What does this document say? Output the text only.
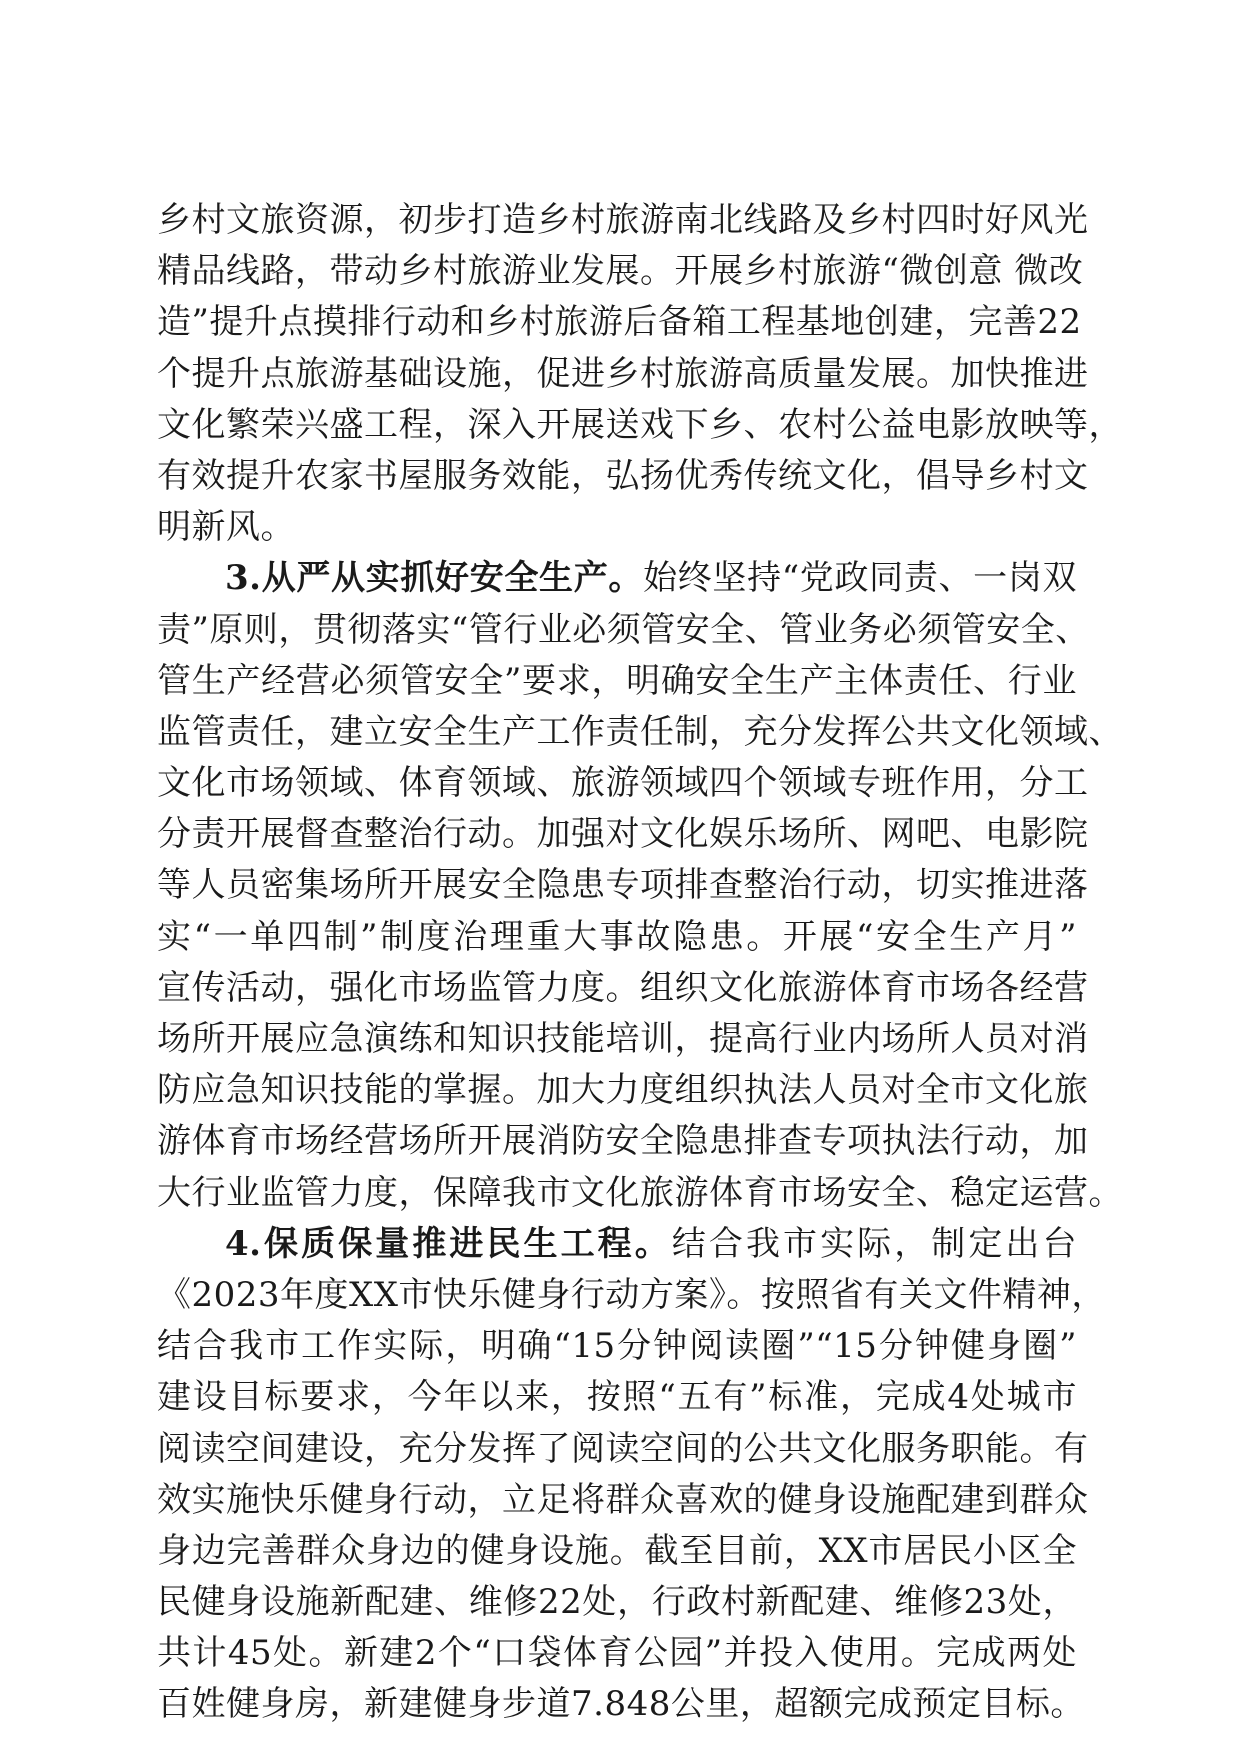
乡村文旅资源，初步打造乡村旅游南北线路及乡村四时好风光
精品线路，带动乡村旅游业发展。开展乡村旅游“微创意 微改
造”提升点摸排行动和乡村旅游后备箱工程基地创建，完善22
个提升点旅游基础设施，促进乡村旅游高质量发展。加快推进
文化繁荣兴盛工程，深入开展送戏下乡、农村公益电影放映等，
有效提升农家书屋服务效能，弘扬优秀传统文化，倡导乡村文
明新风。
3.从严从实抓好安全生产。始终坚持“党政同责、一岗双
责”原则，贯彻落实“管行业必须管安全、管业务必须管安全、
管生产经营必须管安全”要求，明确安全生产主体责任、行业
监管责任，建立安全生产工作责任制，充分发挥公共文化领域、
文化市场领域、体育领域、旅游领域四个领域专班作用，分工
分责开展督查整治行动。加强对文化娱乐场所、网吧、电影院
等人员密集场所开展安全隐患专项排查整治行动，切实推进落
实“一单四制”制度治理重大事故隐患。开展“安全生产月”
宣传活动，强化市场监管力度。组织文化旅游体育市场各经营
场所开展应急演练和知识技能培训，提高行业内场所人员对消
防应急知识技能的掌握。加大力度组织执法人员对全市文化旅
游体育市场经营场所开展消防安全隐患排查专项执法行动，加
大行业监管力度，保障我市文化旅游体育市场安全、稳定运营。
4.保质保量推进民生工程。结合我市实际，制定出台
《2023年度XX市快乐健身行动方案》。按照省有关文件精神，
结合我市工作实际，明确“15分钟阅读圈”“15分钟健身圈”
建设目标要求，今年以来，按照“五有”标准，完成4处城市
阅读空间建设，充分发挥了阅读空间的公共文化服务职能。有
效实施快乐健身行动，立足将群众喜欢的健身设施配建到群众
身边完善群众身边的健身设施。截至目前，XX市居民小区全
民健身设施新配建、维修22处，行政村新配建、维修23处，
共计45处。新建2个“口袋体育公园”并投入使用。完成两处
百姓健身房，新建健身步道7.848公里，超额完成预定目标。
